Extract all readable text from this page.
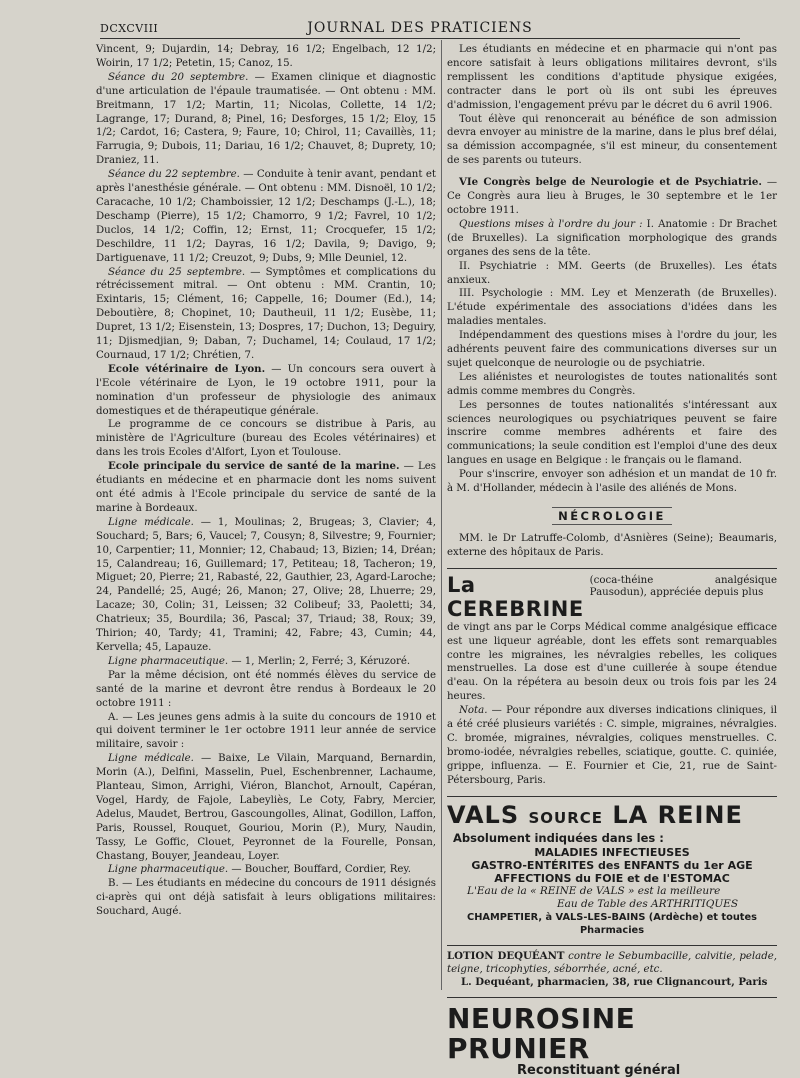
DCXCVIII	JOURNAL DES PRATICIENS

Vincent, 9; Dujardin, 14; Debray, 16 1/2; Engelbach, 12 1/2; Woirin, 17 1/2; Petetin, 15; Canoz, 15.

Séance du 20 septembre. — Examen clinique et diagnostic d'une articulation de l'épaule traumatisée. — Ont obtenu : MM. Breitmann, 17 1/2; Martin, 11; Nicolas, Collette, 14 1/2; Lagrange, 17; Durand, 8; Pinel, 16; Desforges, 15 1/2; Eloy, 15 1/2; Cardot, 16; Castera, 9; Faure, 10; Chirol, 11; Cavaillès, 11; Farrugia, 9; Dubois, 11; Dariau, 16 1/2; Chauvet, 8; Duprety, 10; Draniez, 11.

Séance du 22 septembre. — Conduite à tenir avant, pendant et après l'anesthésie générale. — Ont obtenu : MM. Disnoël, 10 1/2; Caracache, 10 1/2; Chamboissier, 12 1/2; Deschamps (J.-L.), 18; Deschamp (Pierre), 15 1/2; Chamorro, 9 1/2; Favrel, 10 1/2; Duclos, 14 1/2; Coffin, 12; Ernst, 11; Crocquefer, 15 1/2; Deschildre, 11 1/2; Dayras, 16 1/2; Davila, 9; Davigo, 9; Dartiguenave, 11 1/2; Creuzot, 9; Dubs, 9; Mlle Deuniel, 12.

Séance du 25 septembre. — Symptômes et complications du rétrécissement mitral. — Ont obtenu : MM. Crantin, 10; Exintaris, 15; Clément, 16; Cappelle, 16; Doumer (Ed.), 14; Deboutière, 8; Chopinet, 10; Dautheuil, 11 1/2; Eusèbe, 11; Dupret, 13 1/2; Eisenstein, 13; Dospres, 17; Duchon, 13; Deguiry, 11; Djismedjian, 9; Daban, 7; Duchamel, 14; Coulaud, 17 1/2; Cournaud, 17 1/2; Chrétien, 7.

Ecole vétérinaire de Lyon. — Un concours sera ouvert à l'Ecole vétérinaire de Lyon, le 19 octobre 1911, pour la nomination d'un professeur de physiologie des animaux domestiques et de thérapeutique générale.

Le programme de ce concours se distribue à Paris, au ministère de l'Agriculture (bureau des Ecoles vétérinaires) et dans les trois Ecoles d'Alfort, Lyon et Toulouse.

Ecole principale du service de santé de la marine. — Les étudiants en médecine et en pharmacie dont les noms suivent ont été admis à l'Ecole principale du service de santé de la marine à Bordeaux.

Ligne médicale. — 1, Moulinas; 2, Brugeas; 3, Clavier; 4, Souchard; 5, Bars; 6, Vaucel; 7, Cousyn; 8, Silvestre; 9, Fournier; 10, Carpentier; 11, Monnier; 12, Chabaud; 13, Bizien; 14, Dréan; 15, Calandreau; 16, Guillemard; 17, Petiteau; 18, Tacheron; 19, Miguet; 20, Pierre; 21, Rabasté, 22, Gauthier, 23, Agard-Laroche; 24, Pandellé; 25, Augé; 26, Manon; 27, Olive; 28, Lhuerre; 29, Lacaze; 30, Colin; 31, Leissen; 32 Colibeuf; 33, Paoletti; 34, Chatrieux; 35, Bourdila; 36, Pascal; 37, Triaud; 38, Roux; 39, Thirion; 40, Tardy; 41, Tramini; 42, Fabre; 43, Cumin; 44, Kervella; 45, Lapauze.

Ligne pharmaceutique. — 1, Merlin; 2, Ferré; 3, Kéruzoré.

Par la même décision, ont été nommés élèves du service de santé de la marine et devront être rendus à Bordeaux le 20 octobre 1911 :

A. — Les jeunes gens admis à la suite du concours de 1910 et qui doivent terminer le 1er octobre 1911 leur année de service militaire, savoir :

Ligne médicale. — Baixe, Le Vilain, Marquand, Bernardin, Morin (A.), Delfini, Masselin, Puel, Eschenbrenner, Lachaume, Planteau, Simon, Arrighi, Viéron, Blanchot, Arnoult, Capéran, Vogel, Hardy, de Fajole, Labeyliès, Le Coty, Fabry, Mercier, Adelus, Maudet, Bertrou, Gascoungolles, Alinat, Godillon, Laffon, Paris, Roussel, Rouquet, Gouriou, Morin (P.), Mury, Naudin, Tassy, Le Goffic, Clouet, Peyronnet de la Fourelle, Ponsan, Chastang, Bouyer, Jeandeau, Loyer.

Ligne pharmaceutique. — Boucher, Bouffard, Cordier, Rey.

B. — Les étudiants en médecine du concours de 1911 désignés ci-après qui ont déjà satisfait à leurs obligations militaires: Souchard, Augé.

Les étudiants en médecine et en pharmacie qui n'ont pas encore satisfait à leurs obligations militaires devront, s'ils remplissent les conditions d'aptitude physique exigées, contracter dans le port où ils ont subi les épreuves d'admission, l'engagement prévu par le décret du 6 avril 1906.

Tout élève qui renoncerait au bénéfice de son admission devra envoyer au ministre de la marine, dans le plus bref délai, sa démission accompagnée, s'il est mineur, du consentement de ses parents ou tuteurs.

VIe Congrès belge de Neurologie et de Psychiatrie. — Ce Congrès aura lieu à Bruges, le 30 septembre et le 1er octobre 1911.

Questions mises à l'ordre du jour : I. Anatomie : Dr Brachet (de Bruxelles). La signification morphologique des grands organes des sens de la tête.

II. Psychiatrie : MM. Geerts (de Bruxelles). Les états anxieux.

III. Psychologie : MM. Ley et Menzerath (de Bruxelles). L'étude expérimentale des associations d'idées dans les maladies mentales.

Indépendamment des questions mises à l'ordre du jour, les adhérents peuvent faire des communications diverses sur un sujet quelconque de neurologie ou de psychiatrie.

Les aliénistes et neurologistes de toutes nationalités sont admis comme membres du Congrès.

Les personnes de toutes nationalités s'intéressant aux sciences neurologiques ou psychiatriques peuvent se faire inscrire comme membres adhérents et faire des communications; la seule condition est l'emploi d'une des deux langues en usage en Belgique : le français ou le flamand.

Pour s'inscrire, envoyer son adhésion et un mandat de 10 fr. à M. d'Hollander, médecin à l'asile des aliénés de Mons.

NÉCROLOGIE

MM. le Dr Latruffe-Colomb, d'Asnières (Seine); Beaumaris, externe des hôpitaux de Paris.

La CEREBRINE
(coca-théine analgésique Pausodun), appréciée depuis plus

de vingt ans par le Corps Médical comme analgésique efficace est une liqueur agréable, dont les effets sont remarquables contre les migraines, les névralgies rebelles, les coliques menstruelles. La dose est d'une cuillerée à soupe étendue d'eau. On la répétera au besoin deux ou trois fois par les 24 heures.

Nota. — Pour répondre aux diverses indications cliniques, il a été créé plusieurs variétés : C. simple, migraines, névralgies. C. bromée, migraines, névralgies, coliques menstruelles. C. bromo-iodée, névralgies rebelles, sciatique, goutte. C. quiniée, grippe, influenza. — E. Fournier et Cie, 21, rue de Saint-Pétersbourg, Paris.

VALS SOURCE LA REINE
Absolument indiquées dans les :
MALADIES INFECTIEUSES
GASTRO-ENTÉRITES des ENFANTS du 1er AGE
AFFECTIONS du FOIE et de l'ESTOMAC
L'Eau de la « REINE de VALS » est la meilleure
Eau de Table des ARTHRITIQUES
CHAMPETIER, à VALS-LES-BAINS (Ardèche) et toutes Pharmacies
LOTION DEQUÉANT contre le Sebumbacille, calvitie, pelade, teigne, tricophyties, séborrhée, acné, etc.
L. Dequéant, pharmacien, 38, rue Clignancourt, Paris
NEUROSINE PRUNIER
Reconstituant général
